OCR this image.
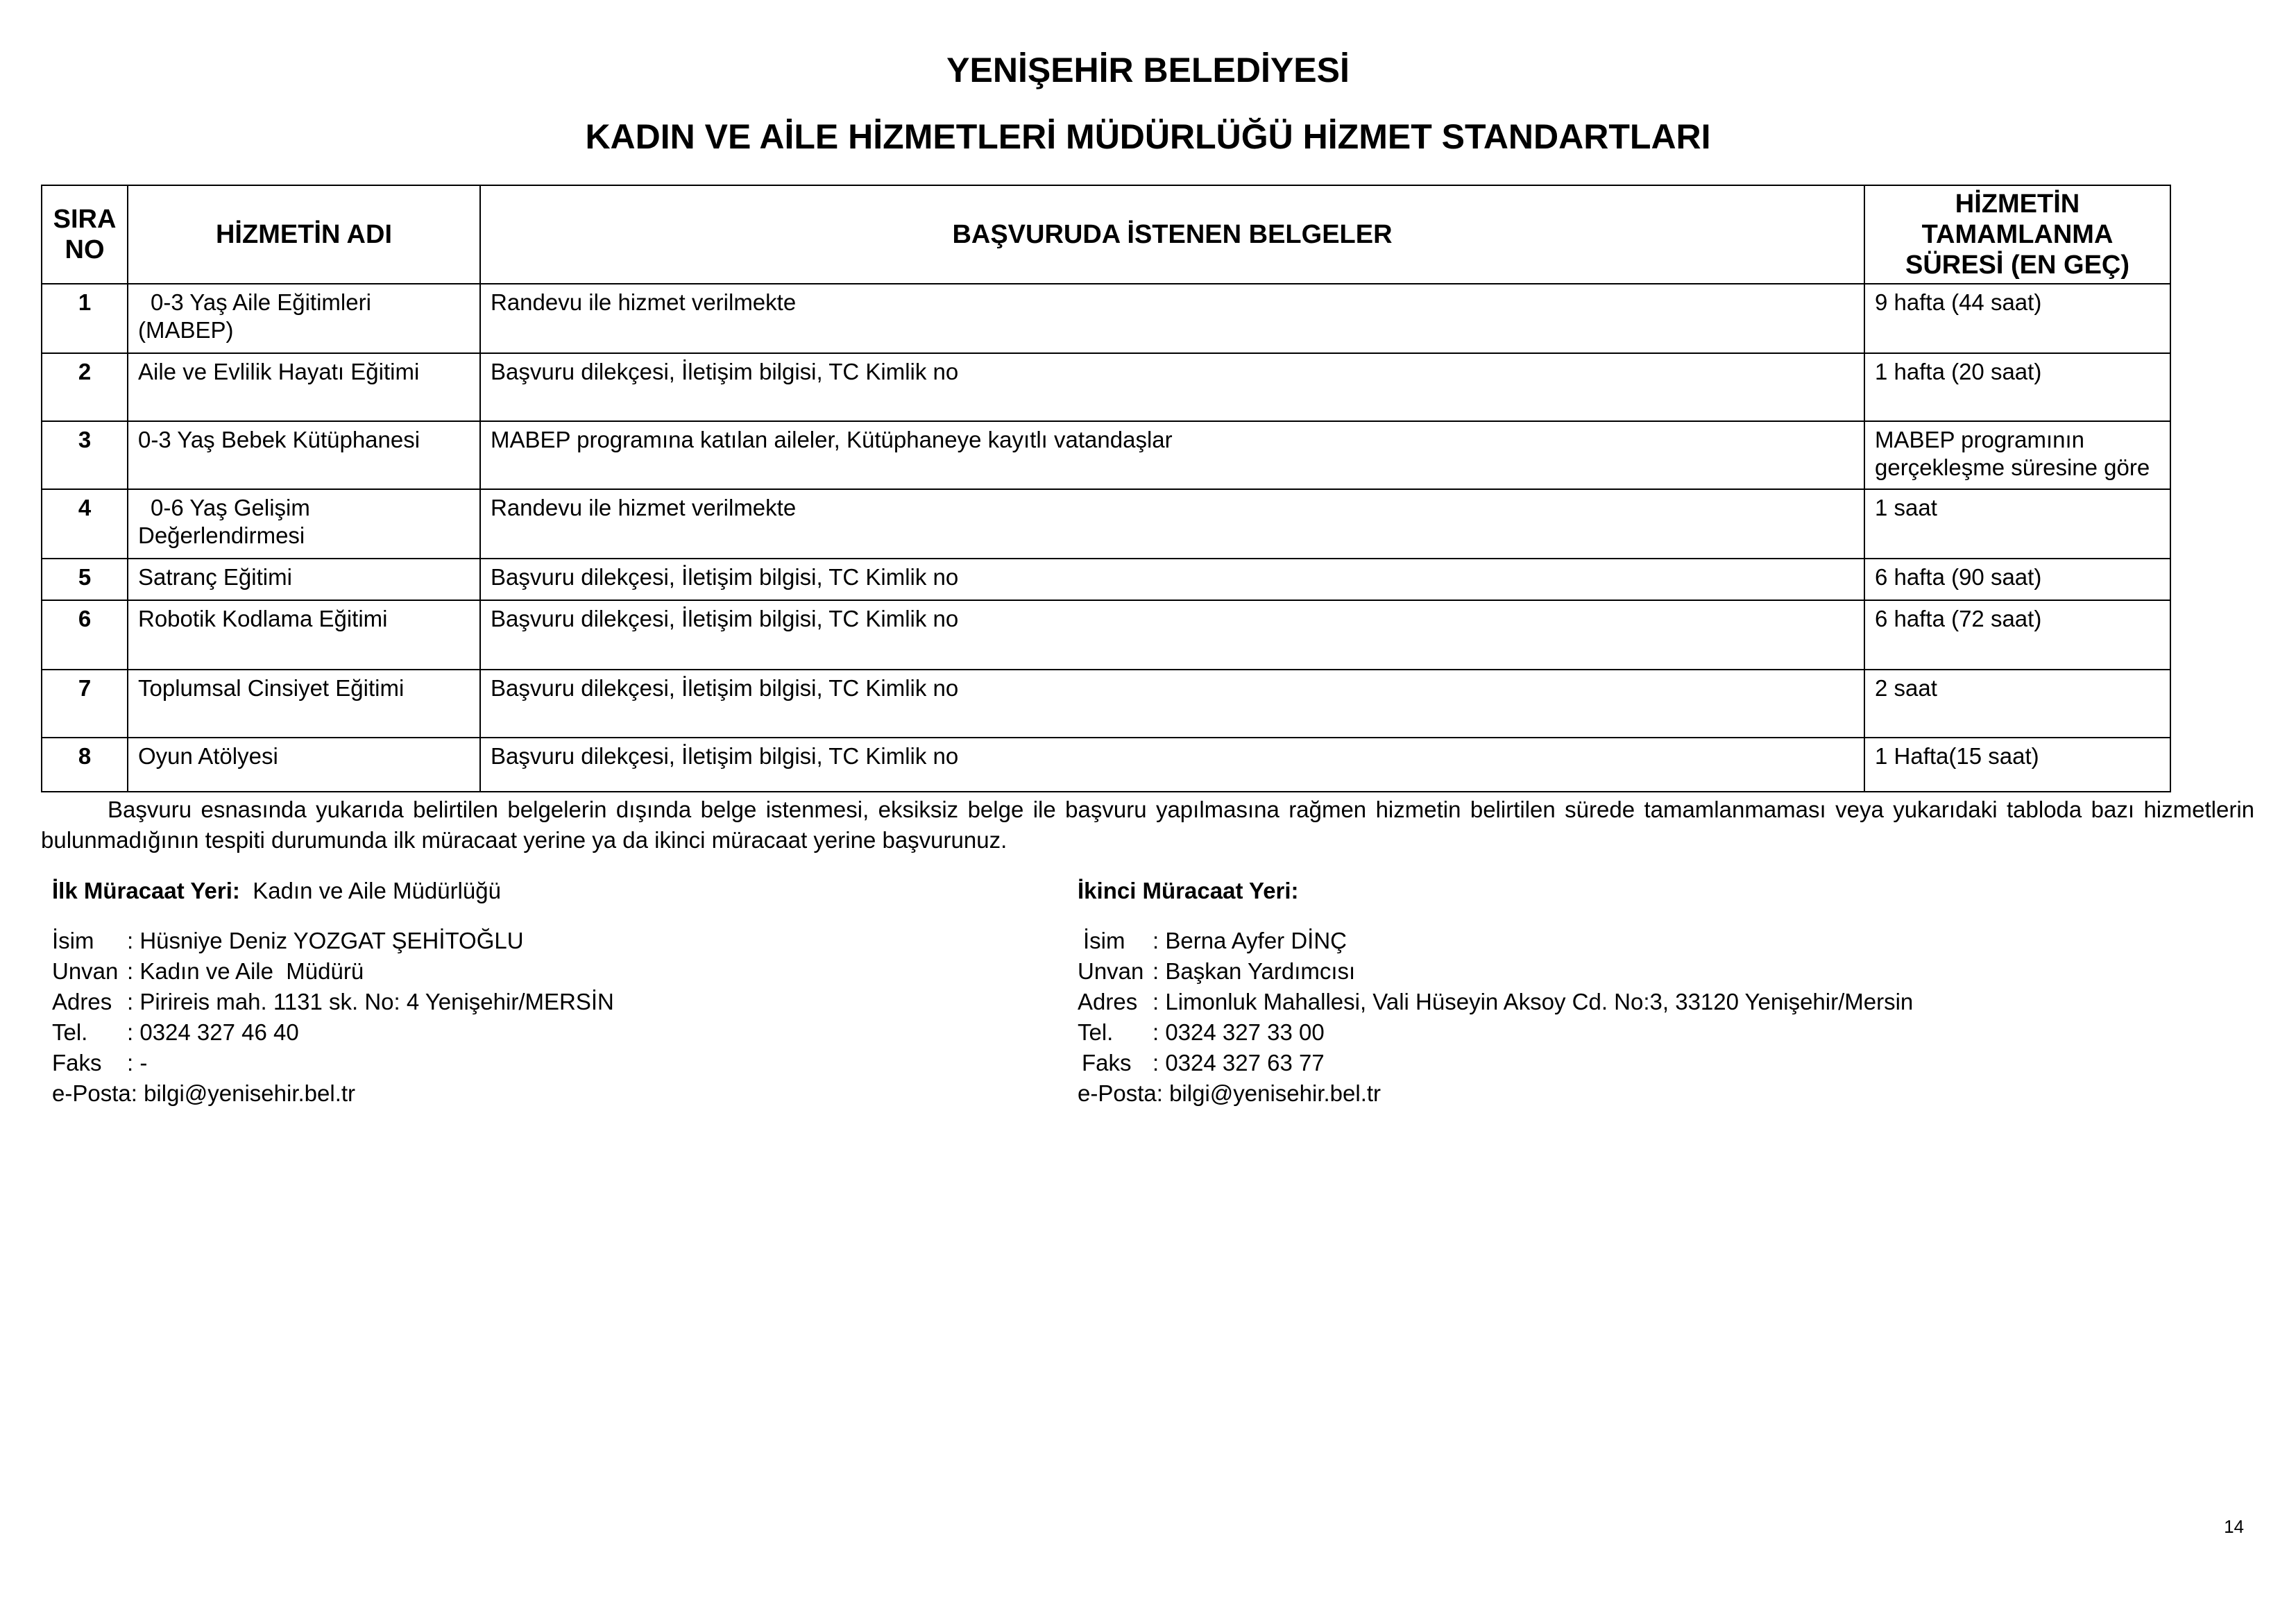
YENİŞEHİR BELEDİYESİ
KADIN VE AİLE HİZMETLERİ MÜDÜRLÜĞÜ HİZMET STANDARTLARI
SIRA NO	HİZMETİN ADI	BAŞVURUDA İSTENEN BELGELER	HİZMETİN TAMAMLANMA SÜRESİ (EN GEÇ)
1	0-3 Yaş Aile Eğitimleri (MABEP)	Randevu ile hizmet verilmekte	9 hafta (44 saat)
2	Aile ve Evlilik Hayatı Eğitimi	Başvuru dilekçesi, İletişim bilgisi, TC Kimlik no	1 hafta (20 saat)
3	0-3 Yaş Bebek Kütüphanesi	MABEP programına katılan aileler, Kütüphaneye kayıtlı vatandaşlar	MABEP programının gerçekleşme süresine göre
4	0-6 Yaş Gelişim Değerlendirmesi	Randevu ile hizmet verilmekte	1 saat
5	Satranç Eğitimi	Başvuru dilekçesi, İletişim bilgisi, TC Kimlik no	6 hafta (90 saat)
6	Robotik Kodlama Eğitimi	Başvuru dilekçesi, İletişim bilgisi, TC Kimlik no	6 hafta (72 saat)
7	Toplumsal Cinsiyet Eğitimi	Başvuru dilekçesi, İletişim bilgisi, TC Kimlik no	2 saat
8	Oyun Atölyesi	Başvuru dilekçesi, İletişim bilgisi, TC Kimlik no	1 Hafta(15 saat)

Başvuru esnasında yukarıda belirtilen belgelerin dışında belge istenmesi, eksiksiz belge ile başvuru yapılmasına rağmen hizmetin belirtilen sürede tamamlanmaması veya yukarıdaki tabloda bazı hizmetlerin bulunmadığının tespiti durumunda ilk müracaat yerine ya da ikinci müracaat yerine başvurunuz.

İlk Müracaat Yeri: Kadın ve Aile Müdürlüğü
İsim : Hüsniye Deniz YOZGAT ŞEHİTOĞLU
Unvan : Kadın ve Aile  Müdürü
Adres : Pirireis mah. 1131 sk. No: 4 Yenişehir/MERSİN
Tel. : 0324 327 46 40
Faks : -
e-Posta: bilgi@yenisehir.bel.tr
İkinci Müracaat Yeri:
İsim : Berna Ayfer DİNÇ
Unvan : Başkan Yardımcısı
Adres : Limonluk Mahallesi, Vali Hüseyin Aksoy Cd. No:3, 33120 Yenişehir/Mersin
Tel. : 0324 327 33 00
Faks : 0324 327 63 77
e-Posta: bilgi@yenisehir.bel.tr
14
